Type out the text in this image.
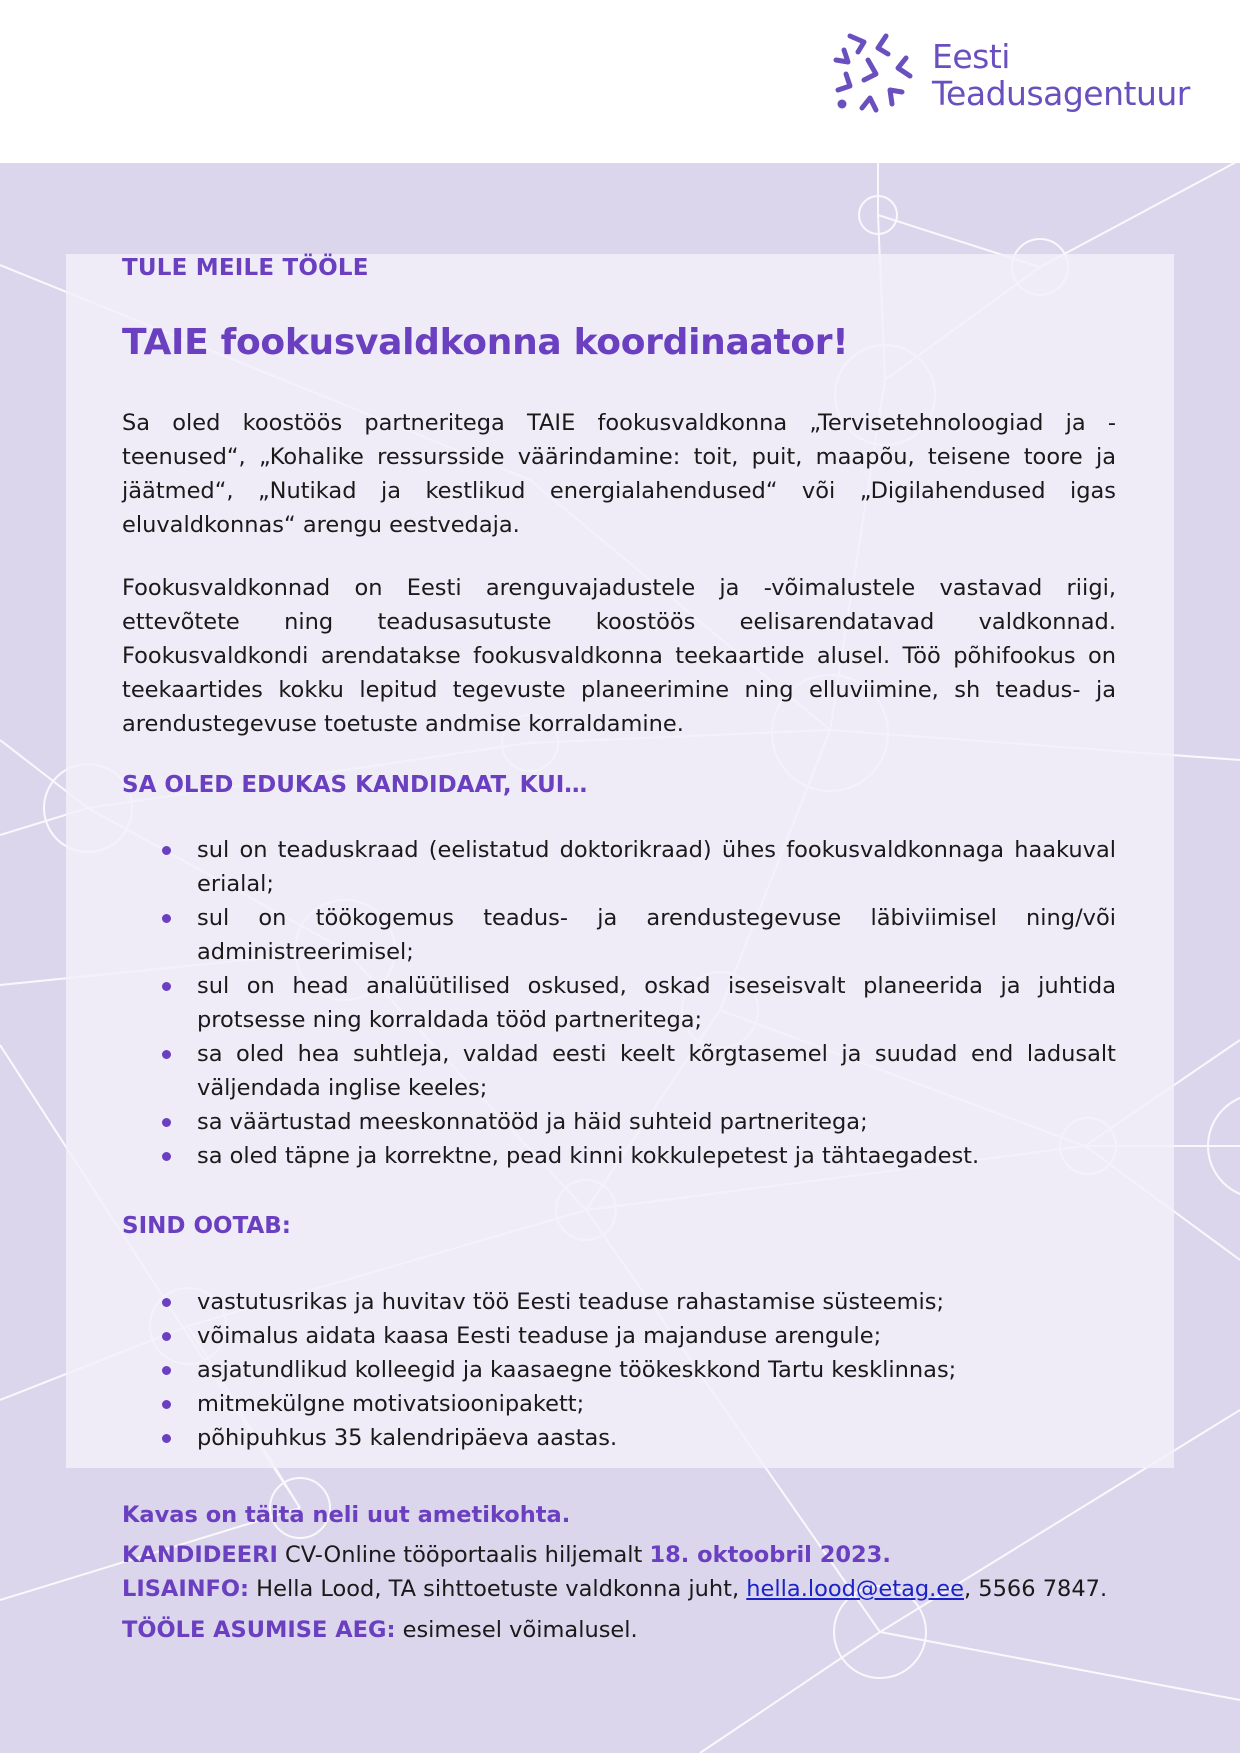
Eesti
Teadusagentuur
TULE MEILE TÖÖLE
TAIE fookusvaldkonna koordinaator!

Sa oled koostöös partneritega TAIE fookusvaldkonna „Tervisetehnoloogiad ja -teenused“, „Kohalike ressursside väärindamine: toit, puit, maapõu, teisene toore ja jäätmed“, „Nutikad ja kestlikud energialahendused“ või „Digilahendused igas eluvaldkonnas“ arengu eestvedaja.

Fookusvaldkonnad on Eesti arenguvajadustele ja -võimalustele vastavad riigi, ettevõtete ning teadusasutuste koostöös eelisarendatavad valdkonnad. Fookusvaldkondi arendatakse fookusvaldkonna teekaartide alusel. Töö põhifookus on teekaartides kokku lepitud tegevuste planeerimine ning elluviimine, sh teadus- ja arendustegevuse toetuste andmise korraldamine.

SA OLED EDUKAS KANDIDAAT, KUI…
sul on teaduskraad (eelistatud doktorikraad) ühes fookusvaldkonnaga haakuval erialal;
sul on töökogemus teadus- ja arendustegevuse läbiviimisel ning/või administreerimisel;
sul on head analüütilised oskused, oskad iseseisvalt planeerida ja juhtida protsesse ning korraldada tööd partneritega;
sa oled hea suhtleja, valdad eesti keelt kõrgtasemel ja suudad end ladusalt väljendada inglise keeles;
sa väärtustad meeskonnatööd ja häid suhteid partneritega;
sa oled täpne ja korrektne, pead kinni kokkulepetest ja tähtaegadest.
SIND OOTAB:
vastutusrikas ja huvitav töö Eesti teaduse rahastamise süsteemis;
võimalus aidata kaasa Eesti teaduse ja majanduse arengule;
asjatundlikud kolleegid ja kaasaegne töökeskkond Tartu kesklinnas;
mitmekülgne motivatsioonipakett;
põhipuhkus 35 kalendripäeva aastas.
Kavas on täita neli uut ametikohta.
KANDIDEERI CV-Online tööportaalis hiljemalt 18. oktoobril 2023.
LISAINFO: Hella Lood, TA sihttoetuste valdkonna juht, hella.lood@etag.ee, 5566 7847.
TÖÖLE ASUMISE AEG: esimesel võimalusel.
